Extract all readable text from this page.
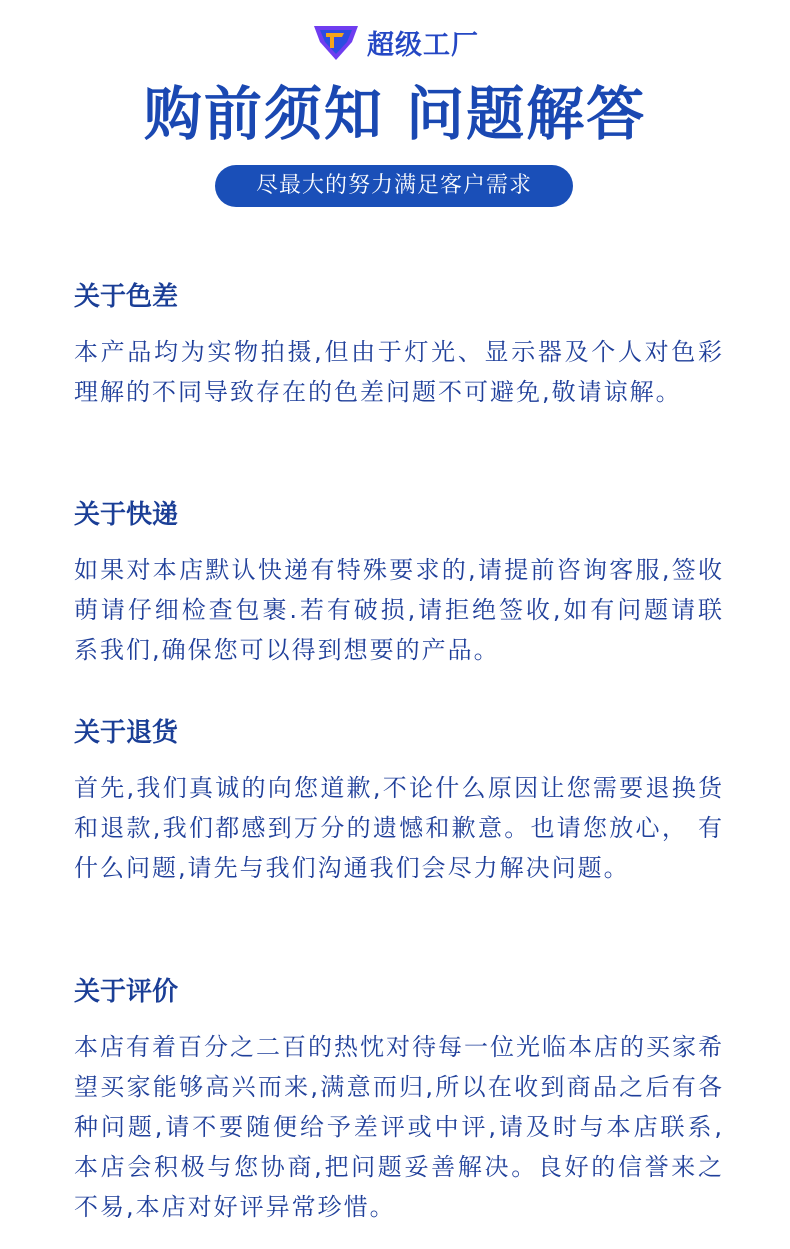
超级工厂
购前须知 问题解答
尽最大的努力满足客户需求
关于色差

本产品均为实物拍摄,但由于灯光、显示器及个人对色彩理解的不同导致存在的色差问题不可避免,敬请谅解。

关于快递

如果对本店默认快递有特殊要求的,请提前咨询客服,签收萌请仔细检查包裹.若有破损,请拒绝签收,如有问题请联系我们,确保您可以得到想要的产品。

关于退货

首先,我们真诚的向您道歉,不论什么原因让您需要退换货和退款,我们都感到万分的遗憾和歉意。也请您放心， 有什么问题,请先与我们沟通我们会尽力解决问题。

关于评价

本店有着百分之二百的热忱对待每一位光临本店的买家希望买家能够高兴而来,满意而归,所以在收到商品之后有各种问题,请不要随便给予差评或中评,请及时与本店联系,本店会积极与您协商,把问题妥善解决。良好的信誉来之不易,本店对好评异常珍惜。
